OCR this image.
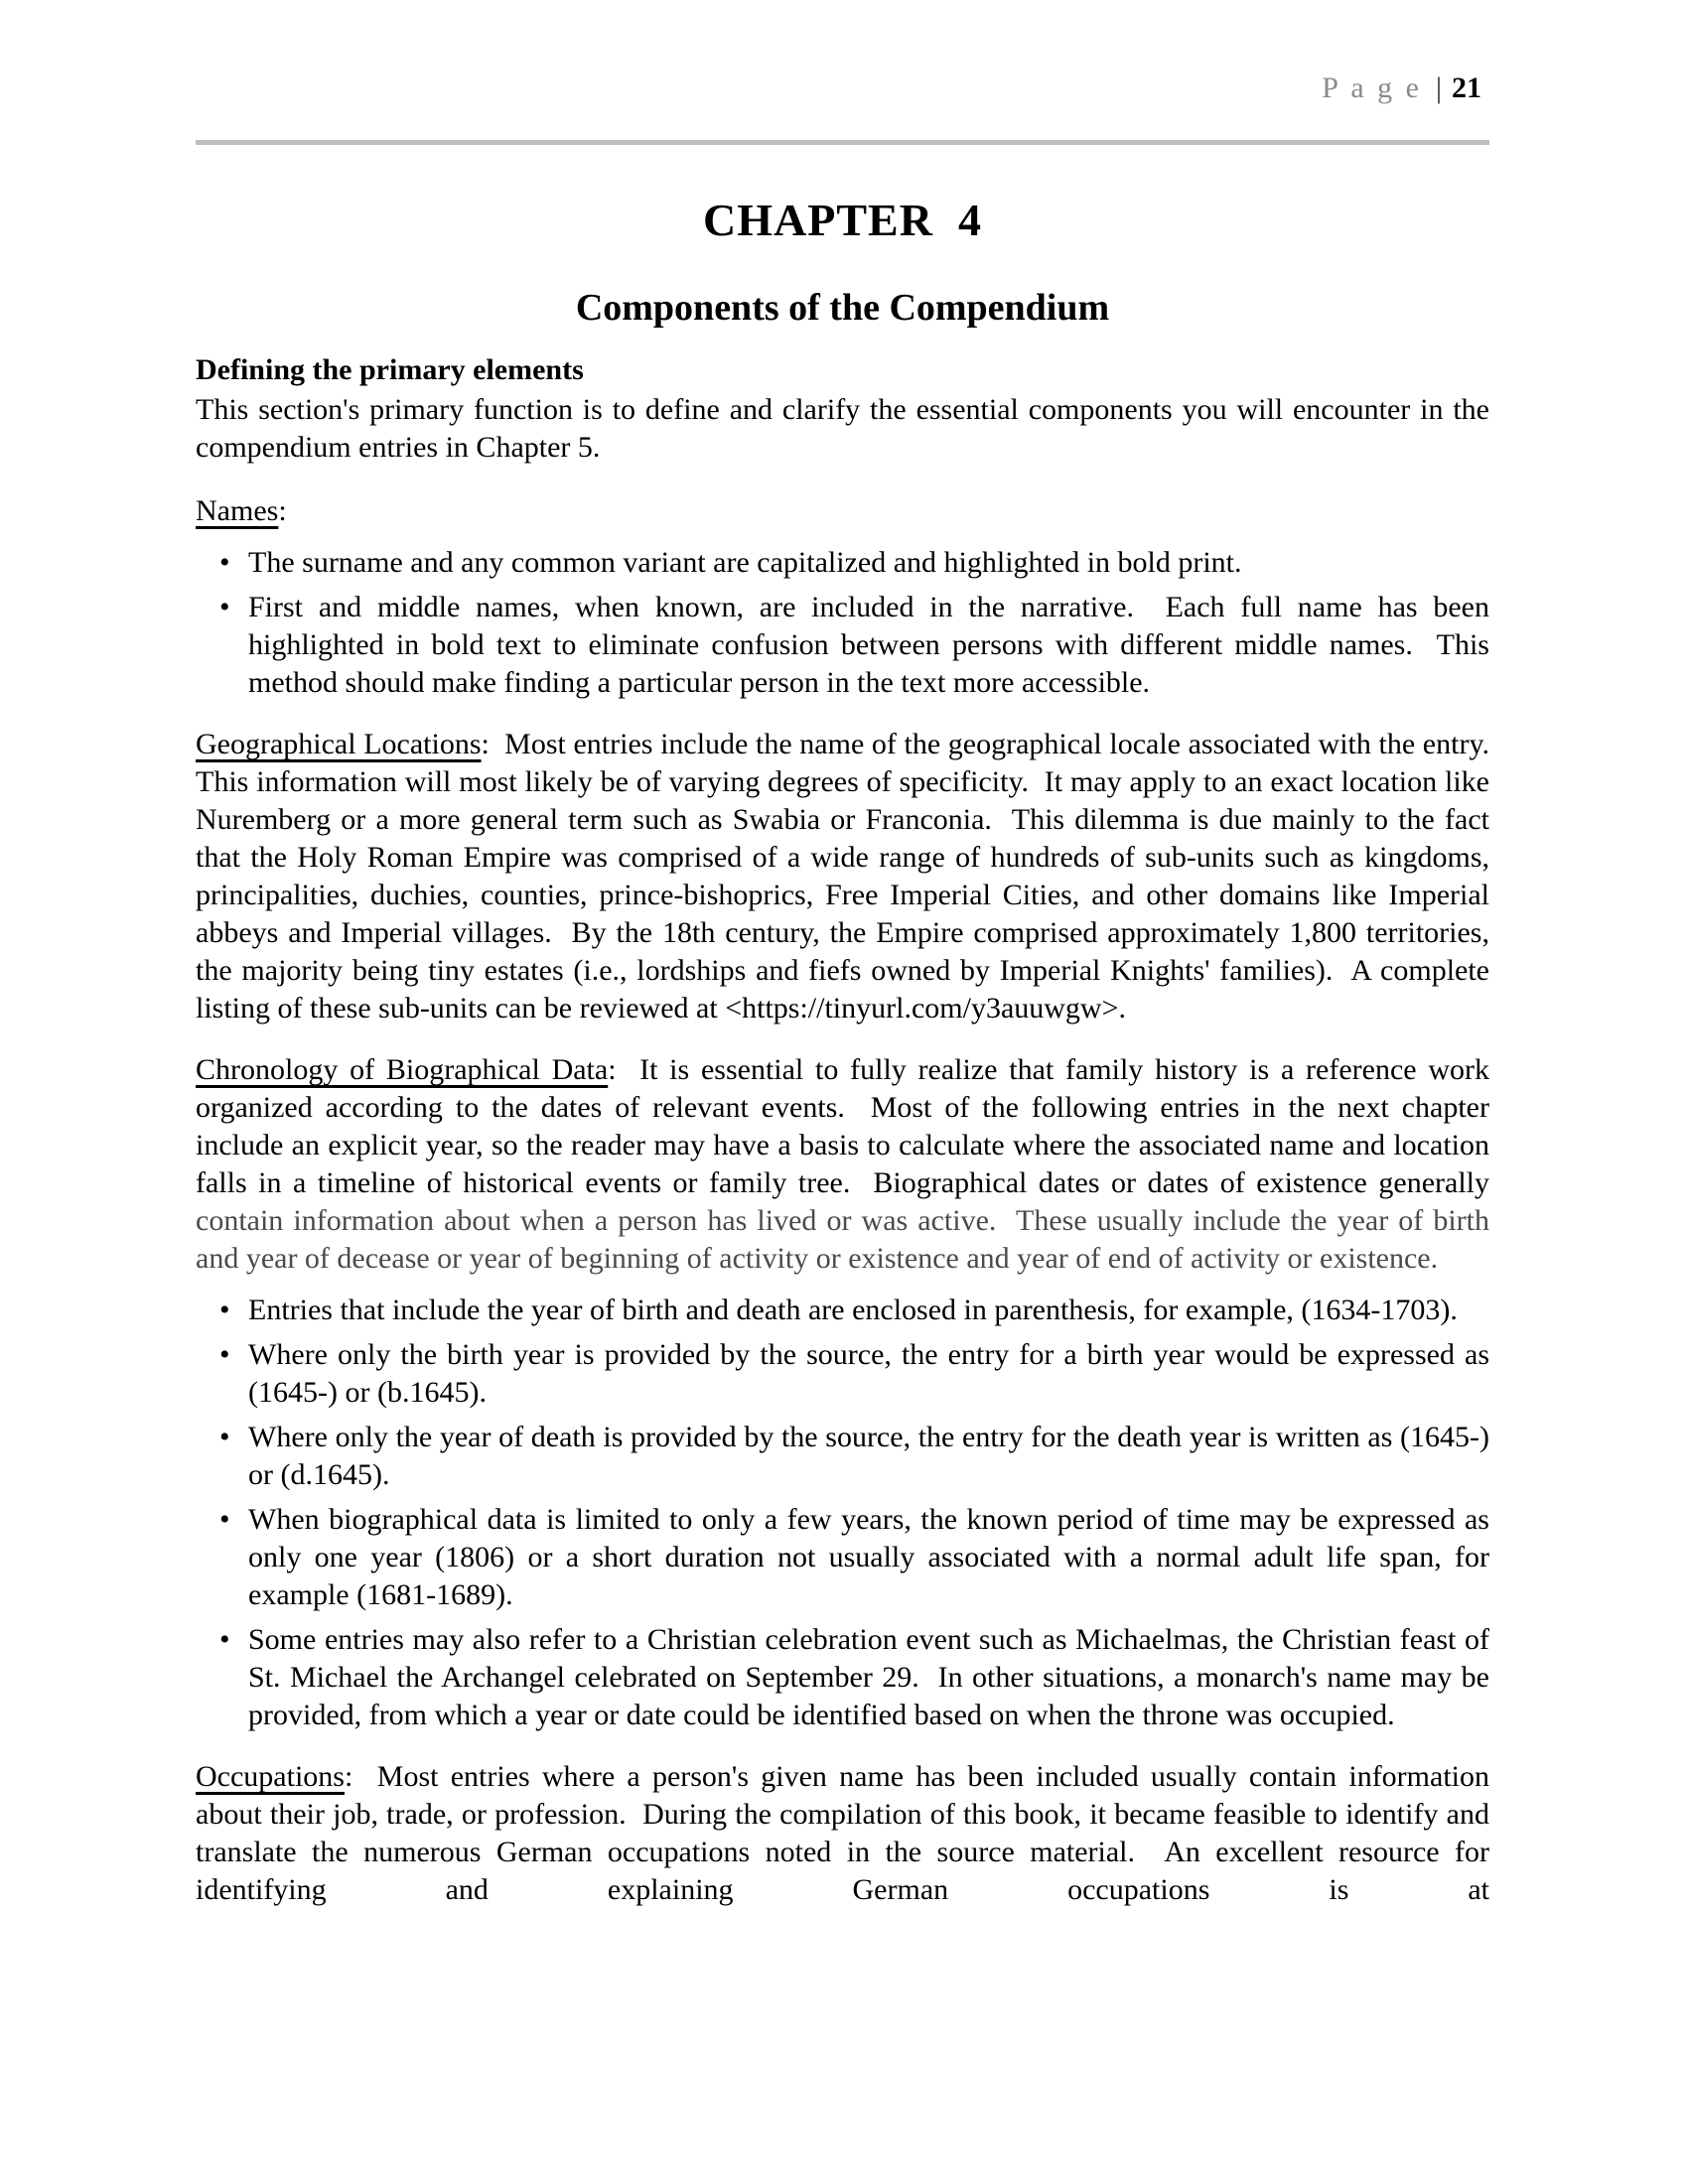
P a g e | 21
CHAPTER  4
Components of the Compendium
Defining the primary elements

This section's primary function is to define and clarify the essential components you will encounter in the compendium entries in Chapter 5.

Names:

• The surname and any common variant are capitalized and highlighted in bold print.
• First and middle names, when known, are included in the narrative.  Each full name has been highlighted in bold text to eliminate confusion between persons with different middle names.  This method should make finding a particular person in the text more accessible.

Geographical Locations:  Most entries include the name of the geographical locale associated with the entry.  This information will most likely be of varying degrees of specificity.  It may apply to an exact location like Nuremberg or a more general term such as Swabia or Franconia.  This dilemma is due mainly to the fact that the Holy Roman Empire was comprised of a wide range of hundreds of sub-units such as kingdoms, principalities, duchies, counties, prince-bishoprics, Free Imperial Cities, and other domains like Imperial abbeys and Imperial villages.  By the 18th century, the Empire comprised approximately 1,800 territories, the majority being tiny estates (i.e., lordships and fiefs owned by Imperial Knights' families).  A complete listing of these sub-units can be reviewed at <https://tinyurl.com/y3auuwgw>.

Chronology of Biographical Data:  It is essential to fully realize that family history is a reference work organized according to the dates of relevant events.  Most of the following entries in the next chapter include an explicit year, so the reader may have a basis to calculate where the associated name and location falls in a timeline of historical events or family tree.  Biographical dates or dates of existence generally contain information about when a person has lived or was active.  These usually include the year of birth and year of decease or year of beginning of activity or existence and year of end of activity or existence.

• Entries that include the year of birth and death are enclosed in parenthesis, for example, (1634-1703).
• Where only the birth year is provided by the source, the entry for a birth year would be expressed as (1645-) or (b.1645).
• Where only the year of death is provided by the source, the entry for the death year is written as (1645-) or (d.1645).
• When biographical data is limited to only a few years, the known period of time may be expressed as only one year (1806) or a short duration not usually associated with a normal adult life span, for example (1681-1689).
• Some entries may also refer to a Christian celebration event such as Michaelmas, the Christian feast of St. Michael the Archangel celebrated on September 29.  In other situations, a monarch's name may be provided, from which a year or date could be identified based on when the throne was occupied.

Occupations:  Most entries where a person's given name has been included usually contain information about their job, trade, or profession.  During the compilation of this book, it became feasible to identify and translate the numerous German occupations noted in the source material.  An excellent resource for identifying and explaining German occupations is at
